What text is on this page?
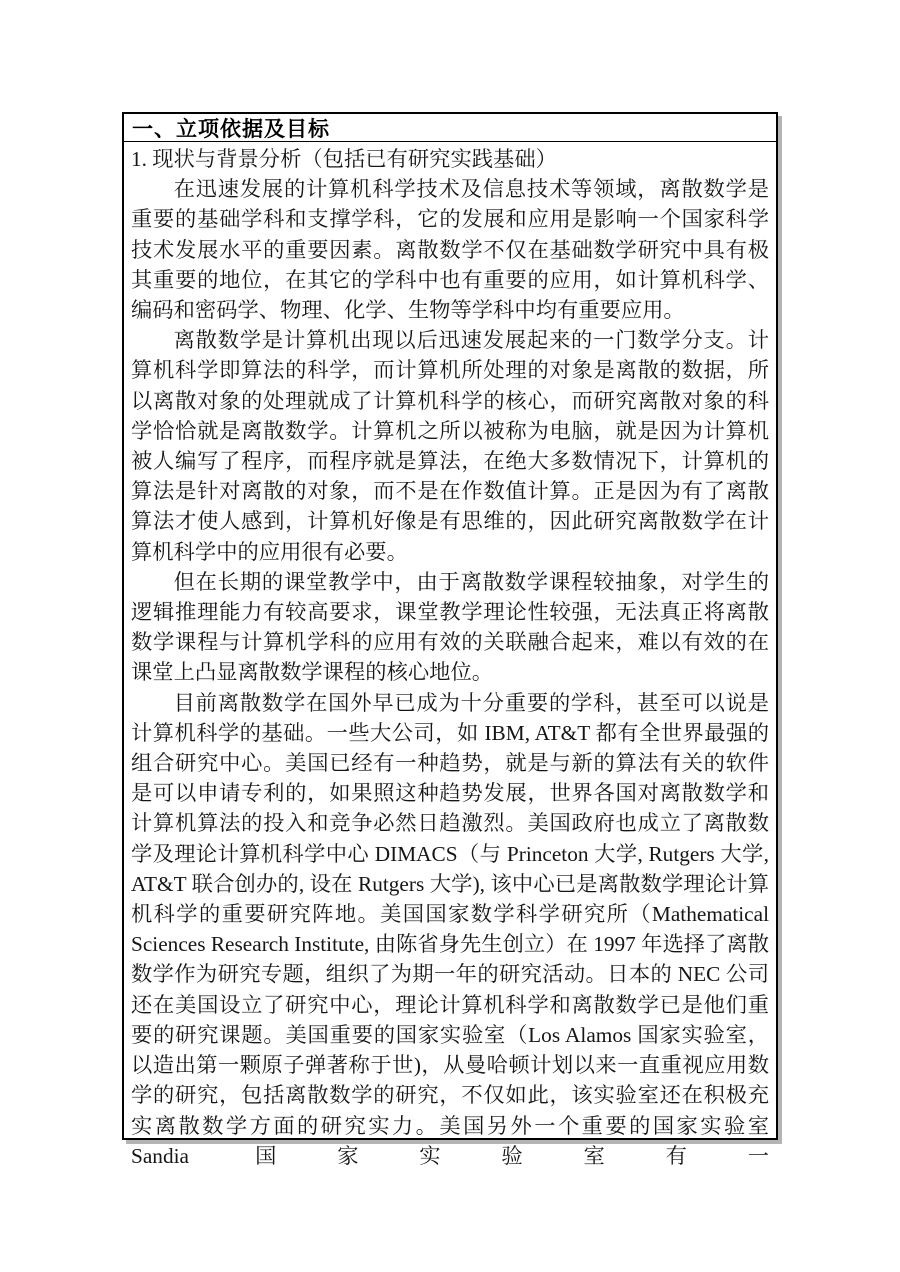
一、立项依据及目标
1. 现状与背景分析（包括已有研究实践基础）

在迅速发展的计算机科学技术及信息技术等领域，离散数学是重要的基础学科和支撑学科，它的发展和应用是影响一个国家科学技术发展水平的重要因素。离散数学不仅在基础数学研究中具有极其重要的地位，在其它的学科中也有重要的应用，如计算机科学、编码和密码学、物理、化学、生物等学科中均有重要应用。

离散数学是计算机出现以后迅速发展起来的一门数学分支。计算机科学即算法的科学，而计算机所处理的对象是离散的数据，所以离散对象的处理就成了计算机科学的核心，而研究离散对象的科学恰恰就是离散数学。计算机之所以被称为电脑，就是因为计算机被人编写了程序，而程序就是算法，在绝大多数情况下，计算机的算法是针对离散的对象，而不是在作数值计算。正是因为有了离散算法才使人感到，计算机好像是有思维的，因此研究离散数学在计算机科学中的应用很有必要。

但在长期的课堂教学中，由于离散数学课程较抽象，对学生的逻辑推理能力有较高要求，课堂教学理论性较强，无法真正将离散数学课程与计算机学科的应用有效的关联融合起来，难以有效的在课堂上凸显离散数学课程的核心地位。

目前离散数学在国外早已成为十分重要的学科，甚至可以说是计算机科学的基础。一些大公司，如 IBM, AT&T 都有全世界最强的组合研究中心。美国已经有一种趋势，就是与新的算法有关的软件是可以申请专利的，如果照这种趋势发展，世界各国对离散数学和计算机算法的投入和竞争必然日趋激烈。美国政府也成立了离散数学及理论计算机科学中心 DIMACS（与 Princeton 大学, Rutgers 大学, AT&T 联合创办的, 设在 Rutgers 大学), 该中心已是离散数学理论计算机科学的重要研究阵地。美国国家数学科学研究所（Mathematical Sciences Research Institute, 由陈省身先生创立）在 1997 年选择了离散数学作为研究专题，组织了为期一年的研究活动。日本的 NEC 公司还在美国设立了研究中心，理论计算机科学和离散数学已是他们重要的研究课题。美国重要的国家实验室（Los Alamos 国家实验室，以造出第一颗原子弹著称于世)，从曼哈顿计划以来一直重视应用数学的研究，包括离散数学的研究，不仅如此，该实验室还在积极充实离散数学方面的研究实力。美国另外一个重要的国家实验室 Sandia 国家实验室有一
